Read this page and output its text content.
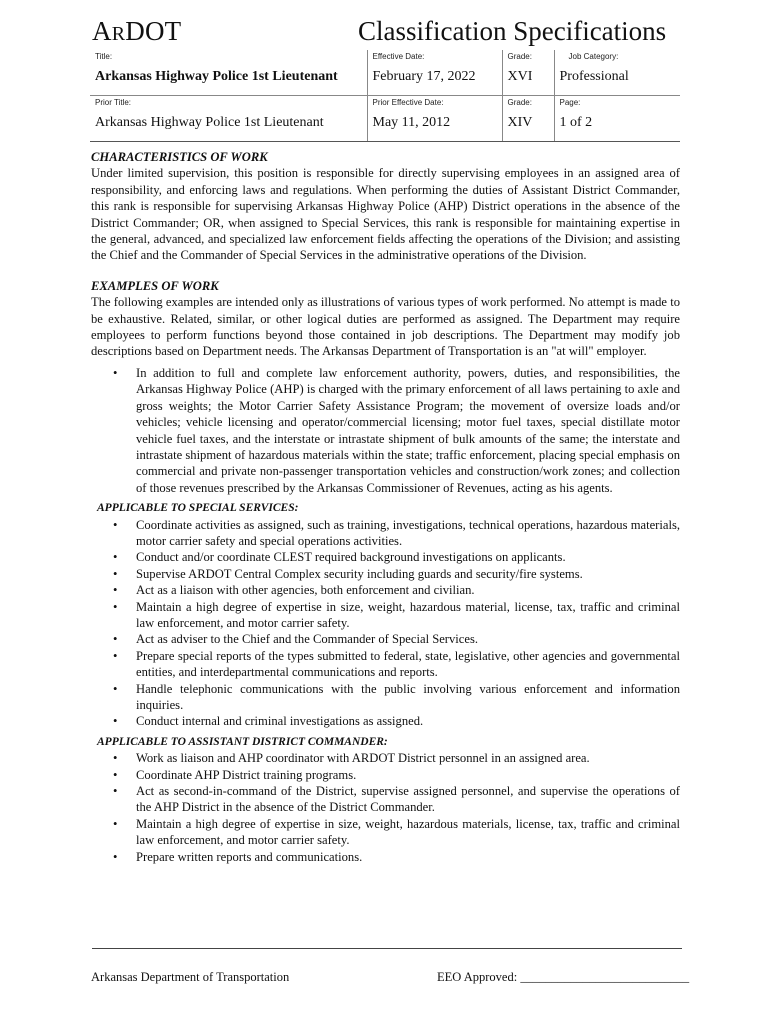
ARDOT	Classification Specifications
Title:	Effective Date:	Grade:	Job Category:
Arkansas Highway Police 1st Lieutenant	February 17, 2022	XVI	Professional
Prior Title:	Prior Effective Date:	Grade:	Page:
Arkansas Highway Police 1st Lieutenant	May 11, 2012	XIV	1 of 2
CHARACTERISTICS OF WORK
Under limited supervision, this position is responsible for directly supervising employees in an assigned area of responsibility, and enforcing laws and regulations. When performing the duties of Assistant District Commander, this rank is responsible for supervising Arkansas Highway Police (AHP) District operations in the absence of the District Commander; OR, when assigned to Special Services, this rank is responsible for maintaining expertise in the general, advanced, and specialized law enforcement fields affecting the operations of the Division; and assisting the Chief and the Commander of Special Services in the administrative operations of the Division.
EXAMPLES OF WORK
The following examples are intended only as illustrations of various types of work performed. No attempt is made to be exhaustive. Related, similar, or other logical duties are performed as assigned. The Department may require employees to perform functions beyond those contained in job descriptions. The Department may modify job descriptions based on Department needs. The Arkansas Department of Transportation is an "at will" employer.
• In addition to full and complete law enforcement authority, powers, duties, and responsibilities, the Arkansas Highway Police (AHP) is charged with the primary enforcement of all laws pertaining to axle and gross weights; the Motor Carrier Safety Assistance Program; the movement of oversize loads and/or vehicles; vehicle licensing and operator/commercial licensing; motor fuel taxes, special distillate motor vehicle fuel taxes, and the interstate or intrastate shipment of bulk amounts of the same; the interstate and intrastate shipment of hazardous materials within the state; traffic enforcement, placing special emphasis on commercial and private non-passenger transportation vehicles and construction/work zones; and collection of those revenues prescribed by the Arkansas Commissioner of Revenues, acting as his agents.
APPLICABLE TO SPECIAL SERVICES:
• Coordinate activities as assigned, such as training, investigations, technical operations, hazardous materials, motor carrier safety and special operations activities.
• Conduct and/or coordinate CLEST required background investigations on applicants.
• Supervise ARDOT Central Complex security including guards and security/fire systems.
• Act as a liaison with other agencies, both enforcement and civilian.
• Maintain a high degree of expertise in size, weight, hazardous material, license, tax, traffic and criminal law enforcement, and motor carrier safety.
• Act as adviser to the Chief and the Commander of Special Services.
• Prepare special reports of the types submitted to federal, state, legislative, other agencies and governmental entities, and interdepartmental communications and reports.
• Handle telephonic communications with the public involving various enforcement and information inquiries.
• Conduct internal and criminal investigations as assigned.
APPLICABLE TO ASSISTANT DISTRICT COMMANDER:
• Work as liaison and AHP coordinator with ARDOT District personnel in an assigned area.
• Coordinate AHP District training programs.
• Act as second-in-command of the District, supervise assigned personnel, and supervise the operations of the AHP District in the absence of the District Commander.
• Maintain a high degree of expertise in size, weight, hazardous materials, license, tax, traffic and criminal law enforcement, and motor carrier safety.
• Prepare written reports and communications.
Arkansas Department of Transportation	EEO Approved: ___________________________
